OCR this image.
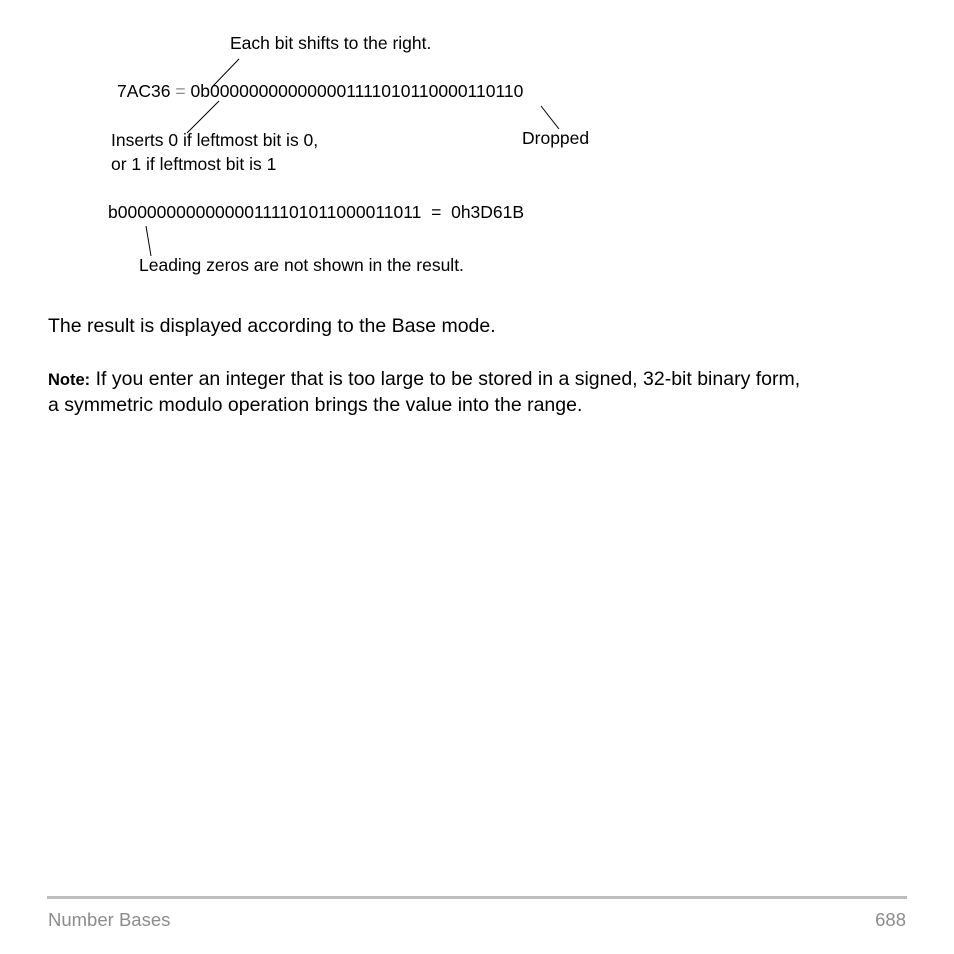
Each bit shifts to the right.
7AC36 = 0b000000000000001111010110000110110
Inserts 0 if leftmost bit is 0,
or 1 if leftmost bit is 1
Dropped
b00000000000000111101011000011011 = 0h3D61B
Leading zeros are not shown in the result.
The result is displayed according to the Base mode.
Note: If you enter an integer that is too large to be stored in a signed, 32-bit binary form,
a symmetric modulo operation brings the value into the range.
Number Bases	688
